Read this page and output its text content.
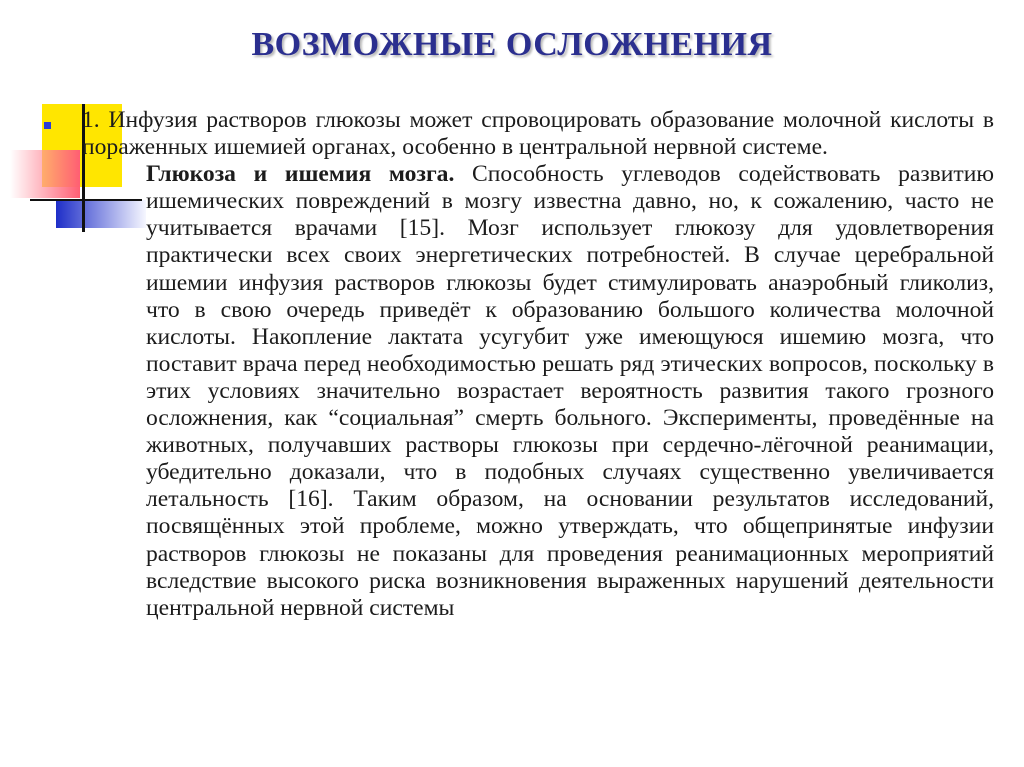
ВОЗМОЖНЫЕ ОСЛОЖНЕНИЯ

1. Инфузия растворов глюкозы может спровоцировать образование молочной кислоты в пораженных ишемией органах, особенно в центральной нервной системе.

Глюкоза и ишемия мозга. Способность углеводов содействовать развитию ишемических повреждений в мозгу известна давно, но, к сожалению, часто не учитывается врачами [15]. Мозг использует глюкозу для удовлетворения практически всех своих энергетических потребностей. В случае церебральной ишемии инфузия растворов глюкозы будет стимулировать анаэробный гликолиз, что в свою очередь приведёт к образованию большого количества молочной кислоты. Накопление лактата усугубит уже имеющуюся ишемию мозга, что поставит врача перед необходимостью решать ряд этических вопросов, поскольку в этих условиях значительно возрастает вероятность развития такого грозного осложнения, как “социальная” смерть больного. Эксперименты, проведённые на животных, получавших растворы глюкозы при сердечно-лёгочной реанимации, убедительно доказали, что в подобных случаях существенно увеличивается летальность [16]. Таким образом, на основании результатов исследований, посвящённых этой проблеме, можно утверждать, что общепринятые инфузии растворов глюкозы не показаны для проведения реанимационных мероприятий вследствие высокого риска возникновения выраженных нарушений деятельности центральной нервной системы
